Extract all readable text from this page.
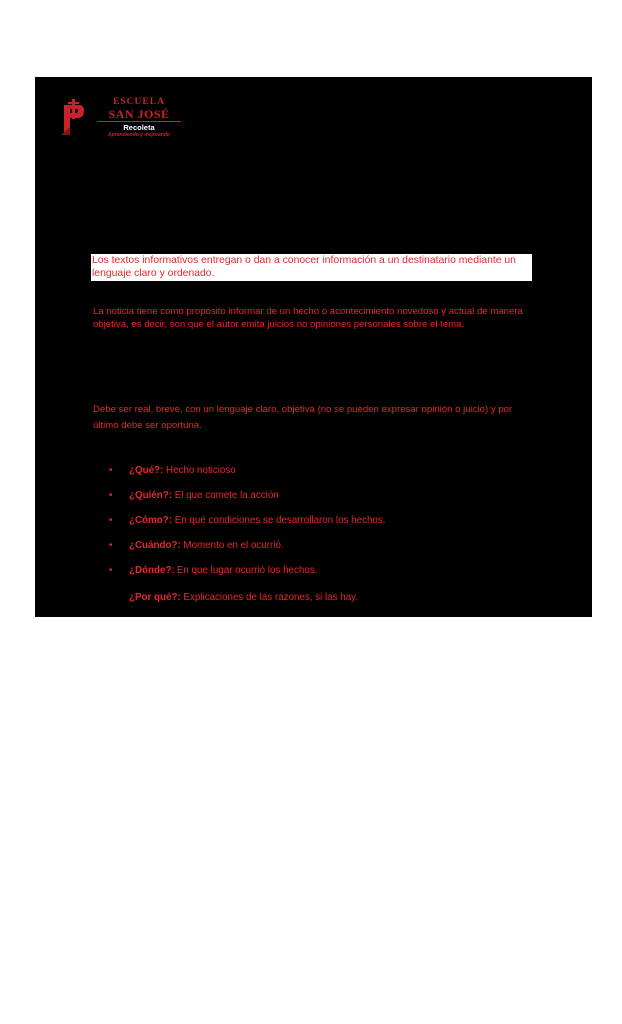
ESCUELA
SAN JOSÉ
Recoleta
Aprendiendo y mejorando
Los textos informativos entregan o dan a conocer información a un destinatario mediante un lenguaje claro y ordenado.
La noticia tiene como propósito informar de un hecho o acontecimiento novedoso y actual de manera objetiva, es decir, son que el autor emita juicios no opiniones personales sobre el tema.
Debe ser real, breve, con un lenguaje claro, objetiva (no se pueden expresar opinión o juicio) y por último debe ser oportuna.
• ¿Qué?: Hecho noticioso
• ¿Quién?: El que comete la acción
• ¿Cómo?: En qué condiciones se desarrollaron los hechos.
• ¿Cuándo?: Momento en el ocurrió.
• ¿Dónde?: En que lugar ocurrió los hechos.
¿Por qué?: Explicaciones de las razones, si las hay.
